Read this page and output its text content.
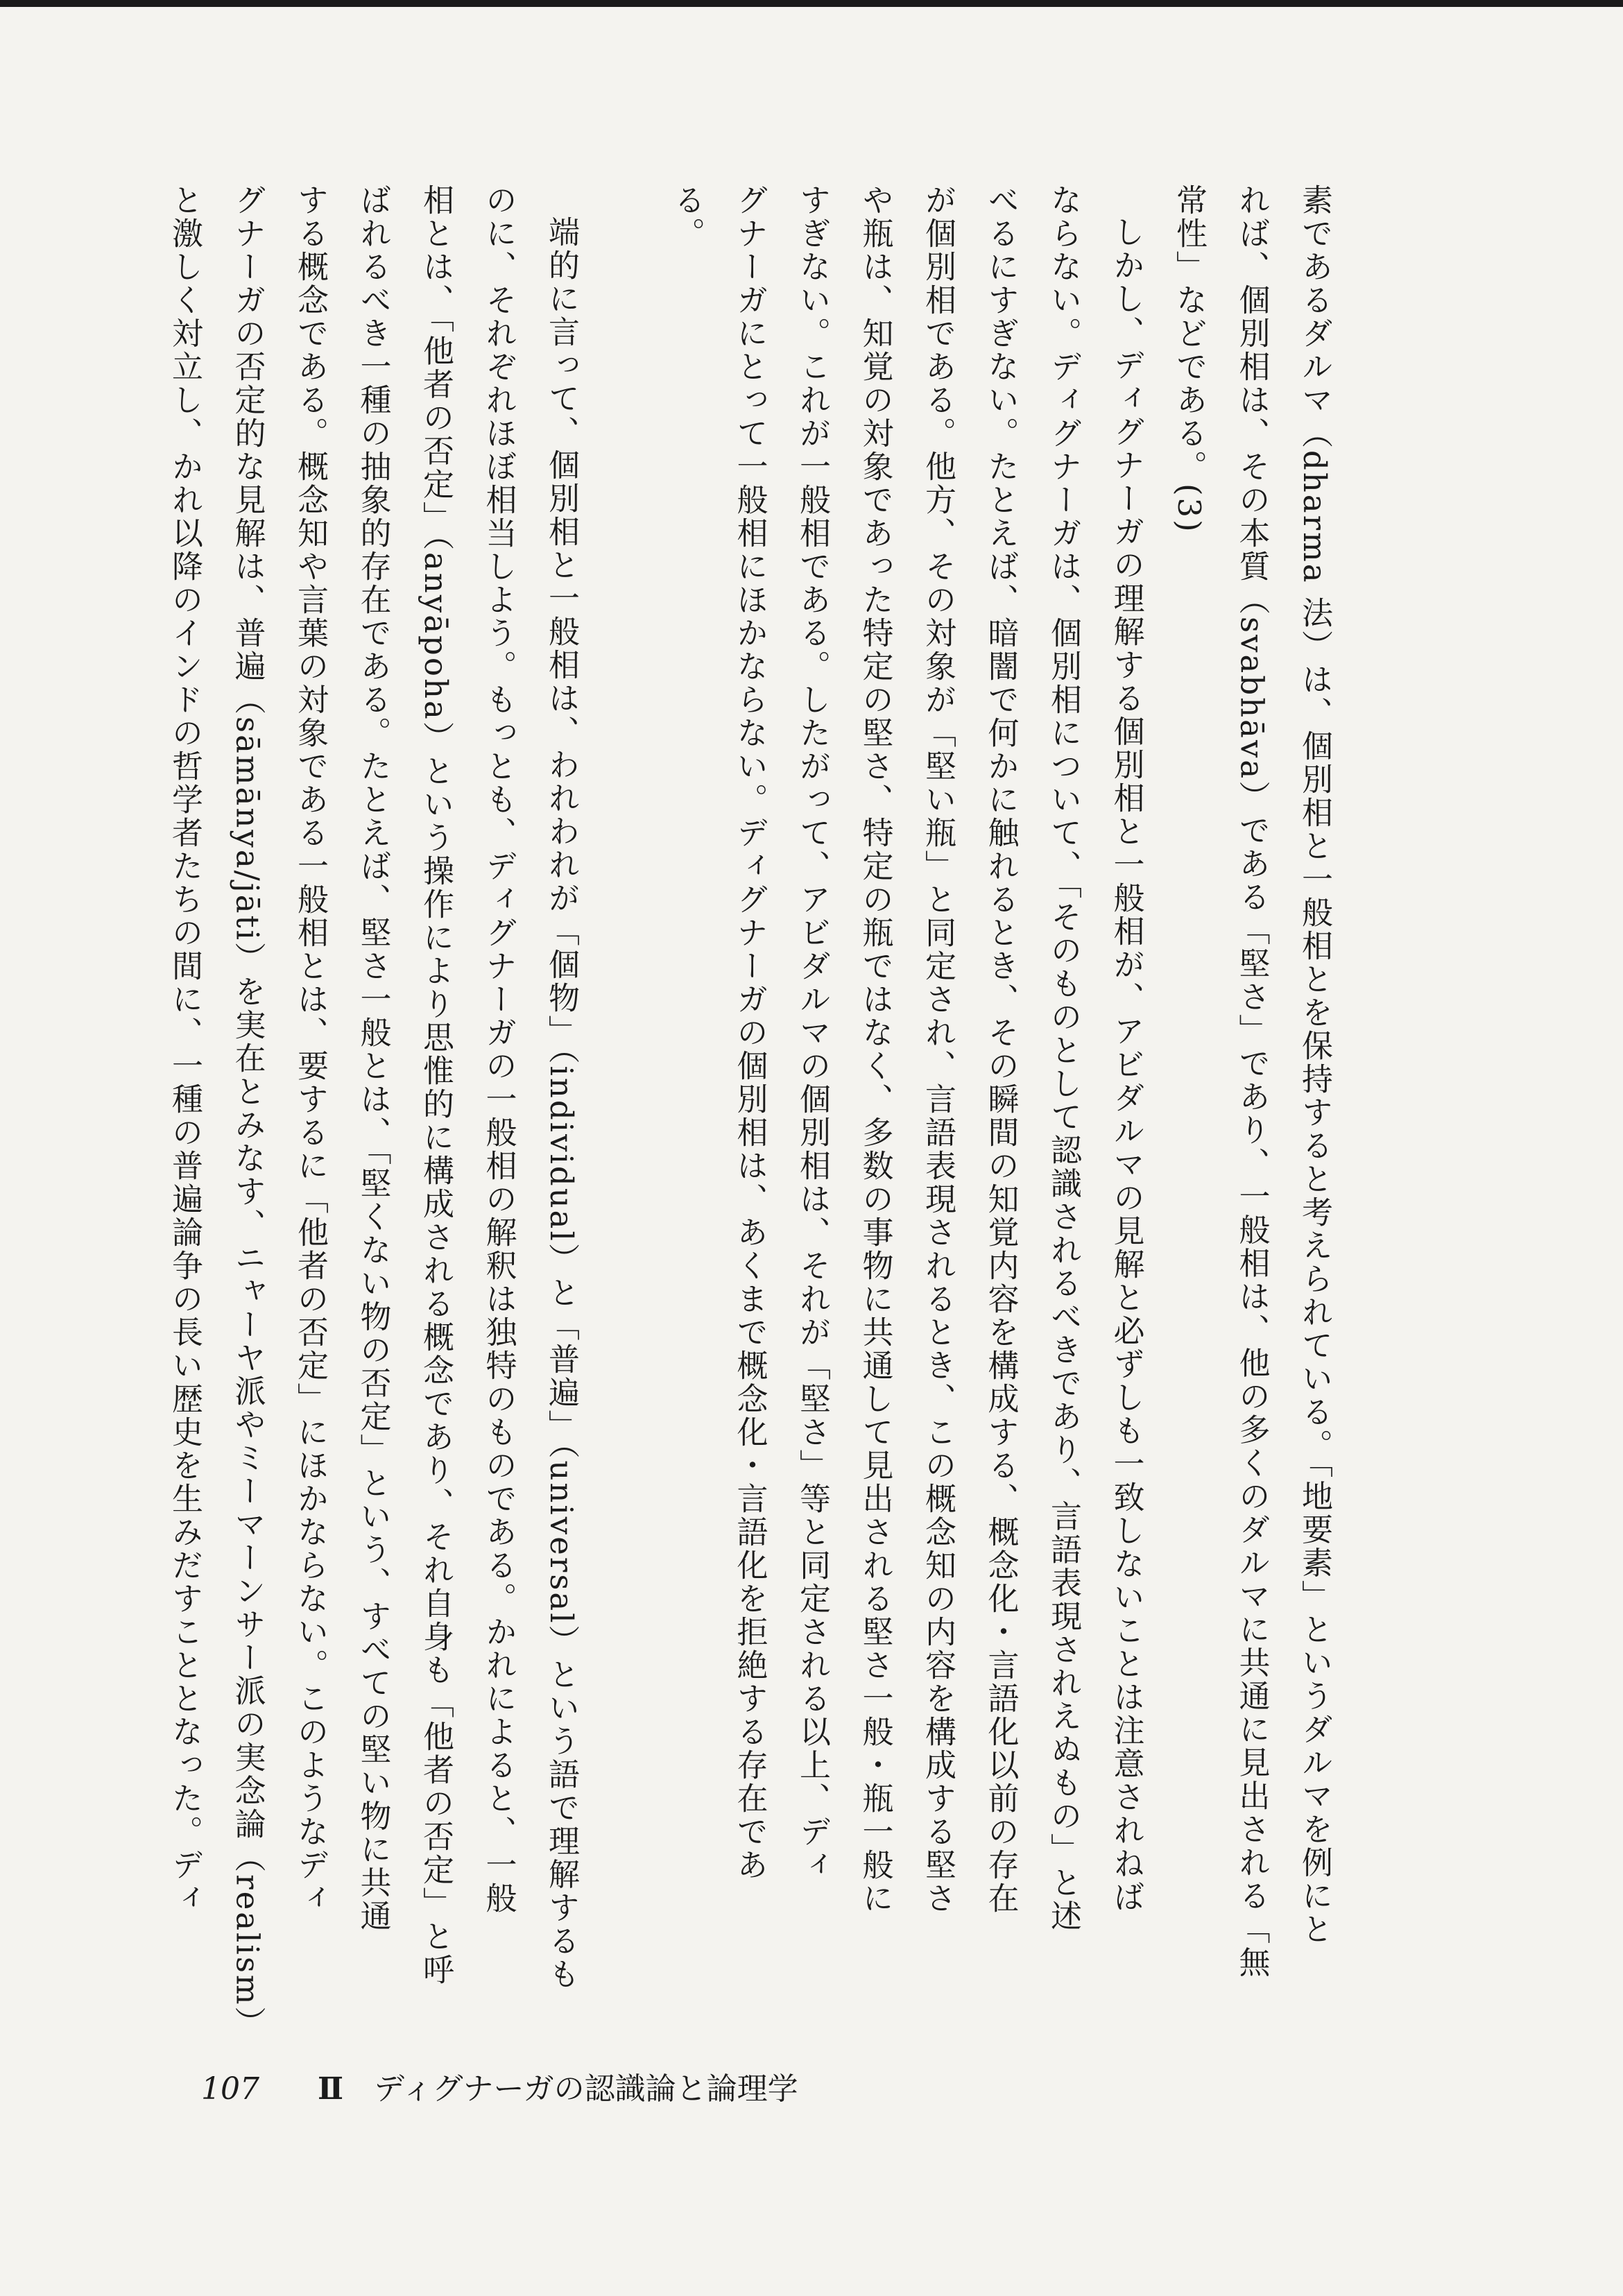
素であるダルマ（dharma 法）は、個別相と一般相とを保持すると考えられている。「地要素」というダルマを例にと
れば、個別相は、その本質（svabhāva）である「堅さ」であり、一般相は、他の多くのダルマに共通に見出される「無
常性」などである。(3)
しかし、ディグナーガの理解する個別相と一般相が、アビダルマの見解と必ずしも一致しないことは注意されねば
ならない。ディグナーガは、個別相について、「そのものとして認識されるべきであり、言語表現されえぬもの」と述
べるにすぎない。たとえば、暗闇で何かに触れるとき、その瞬間の知覚内容を構成する、概念化・言語化以前の存在
が個別相である。他方、その対象が「堅い瓶」と同定され、言語表現されるとき、この概念知の内容を構成する堅さ
や瓶は、知覚の対象であった特定の堅さ、特定の瓶ではなく、多数の事物に共通して見出される堅さ一般・瓶一般に
すぎない。これが一般相である。したがって、アビダルマの個別相は、それが「堅さ」等と同定される以上、ディ
グナーガにとって一般相にほかならない。ディグナーガの個別相は、あくまで概念化・言語化を拒絶する存在であ
る。
端的に言って、個別相と一般相は、われわれが「個物」（individual）と「普遍」（universal）という語で理解するも
のに、それぞれほぼ相当しよう。もっとも、ディグナーガの一般相の解釈は独特のものである。かれによると、一般
相とは、「他者の否定」（anyāpoha）という操作により思惟的に構成される概念であり、それ自身も「他者の否定」と呼
ばれるべき一種の抽象的存在である。たとえば、堅さ一般とは、「堅くない物の否定」という、すべての堅い物に共通
する概念である。概念知や言葉の対象である一般相とは、要するに「他者の否定」にほかならない。このようなディ
グナーガの否定的な見解は、普遍（sāmānya/jāti）を実在とみなす、ニャーヤ派やミーマーンサー派の実念論（realism）
と激しく対立し、かれ以降のインドの哲学者たちの間に、一種の普遍論争の長い歴史を生みだすこととなった。ディ
107 Ⅱ ディグナーガの認識論と論理学
